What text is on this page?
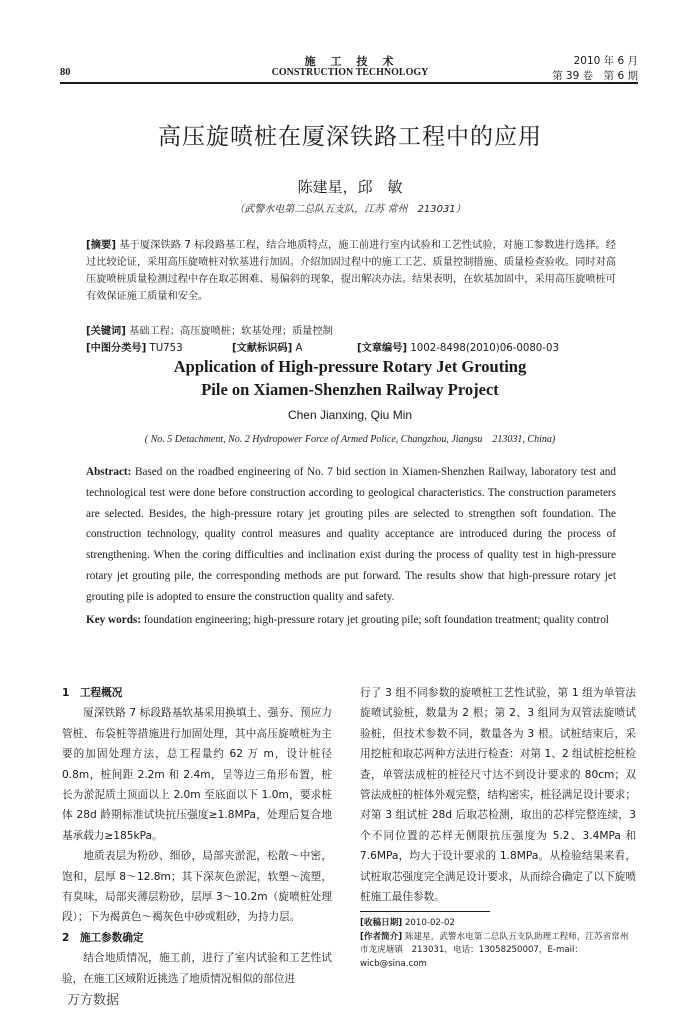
施　工　技　术
CONSTRUCTION TECHNOLOGY
80
2010 年 6 月
第 39 卷　第 6 期
高压旋喷桩在厦深铁路工程中的应用
陈建星，邱　敏
（武警水电第二总队五支队，江苏 常州　213031）
[摘要] 基于厦深铁路 7 标段路基工程，结合地质特点，施工前进行室内试验和工艺性试验，对施工参数进行选择。经过比较论证，采用高压旋喷桩对软基进行加固。介绍加固过程中的施工工艺、质量控制措施、质量检查验收。同时对高压旋喷桩质量检测过程中存在取芯困难、易偏斜的现象，提出解决办法。结果表明，在软基加固中，采用高压旋喷桩可有效保证施工质量和安全。
[关键词] 基础工程；高压旋喷桩；软基处理；质量控制
[中图分类号] TU753	[文献标识码] A	[文章编号] 1002-8498(2010)06-0080-03
Application of High-pressure Rotary Jet Grouting
Pile on Xiamen-Shenzhen Railway Project
Chen Jianxing, Qiu Min
( No. 5 Detachment, No. 2 Hydropower Force of Armed Police, Changzhou, Jiangsu　213031, China)
Abstract: Based on the roadbed engineering of No. 7 bid section in Xiamen-Shenzhen Railway, laboratory test and technological test were done before construction according to geological characteristics. The construction parameters are selected. Besides, the high-pressure rotary jet grouting piles are selected to strengthen soft foundation. The construction technology, quality control measures and quality acceptance are introduced during the process of strengthening. When the coring difficulties and inclination exist during the process of quality test in high-pressure rotary jet grouting pile, the corresponding methods are put forward. The results show that high-pressure rotary jet grouting pile is adopted to ensure the construction quality and safety.
Key words: foundation engineering; high-pressure rotary jet grouting pile; soft foundation treatment; quality control
1　工程概况

厦深铁路 7 标段路基软基采用换填土、强夯、预应力管桩、布袋桩等措施进行加固处理，其中高压旋喷桩为主要的加固处理方法，总工程量约 62 万 m，设计桩径 0.8m，桩间距 2.2m 和 2.4m，呈等边三角形布置，桩长为淤泥质土顶面以上 2.0m 至底面以下 1.0m，要求桩体 28d 龄期标准试块抗压强度≥1.8MPa，处理后复合地基承载力≥185kPa。

地质表层为粉砂、细砂，局部夹淤泥，松散～中密，饱和，层厚 8～12.8m；其下深灰色淤泥，软塑～流塑，有臭味，局部夹薄层粉砂，层厚 3～10.2m（旋喷桩处理段）；下为褐黄色～褐灰色中砂或粗砂，为持力层。

2　施工参数确定

结合地质情况，施工前，进行了室内试验和工艺性试验，在施工区域附近挑选了地质情况相似的部位进

行了 3 组不同参数的旋喷桩工艺性试验，第 1 组为单管法旋喷试验桩，数量为 2 根；第 2、3 组同为双管法旋喷试验桩，但技术参数不同，数量各为 3 根。试桩结束后，采用挖桩和取芯两种方法进行检查：对第 1、2 组试桩挖桩检查，单管法成桩的桩径尺寸达不到设计要求的 80cm；双管法成桩的桩体外观完整，结构密实，桩径满足设计要求；对第 3 组试桩 28d 后取芯检测，取出的芯样完整连续，3 个不同位置的芯样无侧限抗压强度为 5.2、3.4MPa 和 7.6MPa，均大于设计要求的 1.8MPa。从检验结果来看，试桩取芯强度完全满足设计要求，从而综合确定了以下旋喷桩施工最佳参数。

[收稿日期] 2010-02-02
[作者简介] 陈建星，武警水电第二总队五支队助理工程师，江苏省常州市龙虎塘镇　213031，电话：13058250007，E-mail：wicb@sina.com
万方数据
